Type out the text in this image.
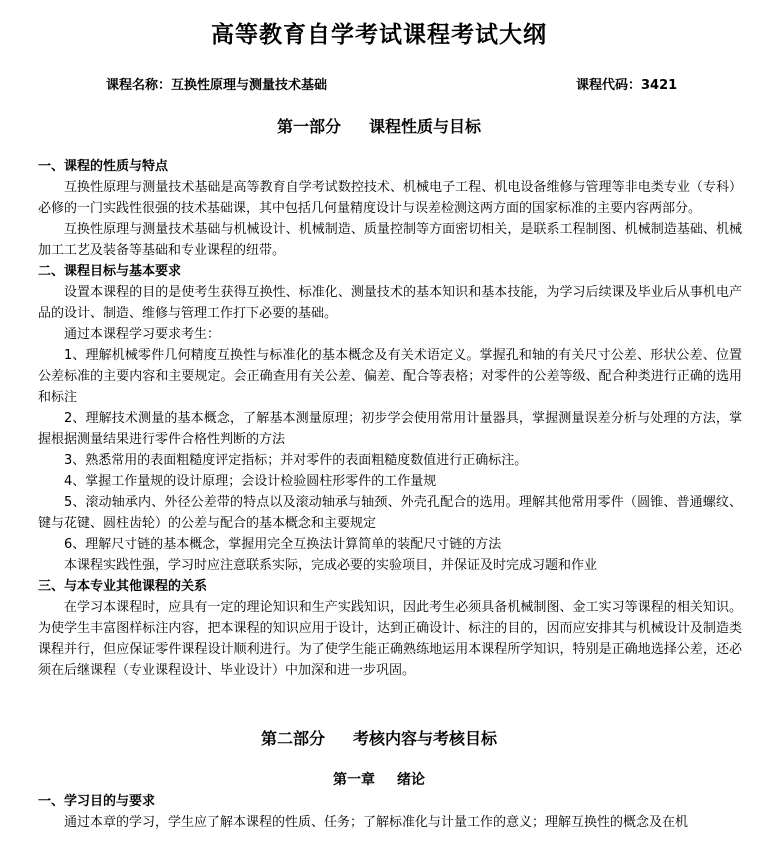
高等教育自学考试课程考试大纲
课程名称：互换性原理与测量技术基础	课程代码：3421
第一部分 课程性质与目标

一、课程的性质与特点

互换性原理与测量技术基础是高等教育自学考试数控技术、机械电子工程、机电设备维修与管理等非电类专业（专科）必修的一门实践性很强的技术基础课，其中包括几何量精度设计与误差检测这两方面的国家标准的主要内容两部分。

互换性原理与测量技术基础与机械设计、机械制造、质量控制等方面密切相关，是联系工程制图、机械制造基础、机械加工工艺及装备等基础和专业课程的纽带。

二、课程目标与基本要求

设置本课程的目的是使考生获得互换性、标准化、测量技术的基本知识和基本技能，为学习后续课及毕业后从事机电产品的设计、制造、维修与管理工作打下必要的基础。

通过本课程学习要求考生：

1、理解机械零件几何精度互换性与标准化的基本概念及有关术语定义。掌握孔和轴的有关尺寸公差、形状公差、位置公差标准的主要内容和主要规定。会正确查用有关公差、偏差、配合等表格；对零件的公差等级、配合种类进行正确的选用和标注

2、理解技术测量的基本概念，了解基本测量原理；初步学会使用常用计量器具，掌握测量误差分析与处理的方法，掌握根据测量结果进行零件合格性判断的方法

3、熟悉常用的表面粗糙度评定指标；并对零件的表面粗糙度数值进行正确标注。

4、掌握工作量规的设计原理；会设计检验圆柱形零件的工作量规

5、滚动轴承内、外径公差带的特点以及滚动轴承与轴颈、外壳孔配合的选用。理解其他常用零件（圆锥、普通螺纹、键与花键、圆柱齿轮）的公差与配合的基本概念和主要规定

6、理解尺寸链的基本概念，掌握用完全互换法计算简单的装配尺寸链的方法

本课程实践性强，学习时应注意联系实际，完成必要的实验项目，并保证及时完成习题和作业

三、与本专业其他课程的关系

在学习本课程时，应具有一定的理论知识和生产实践知识，因此考生必须具备机械制图、金工实习等课程的相关知识。为使学生丰富图样标注内容，把本课程的知识应用于设计，达到正确设计、标注的目的，因而应安排其与机械设计及制造类课程并行，但应保证零件课程设计顺利进行。为了使学生能正确熟练地运用本课程所学知识，特别是正确地选择公差，还必须在后继课程（专业课程设计、毕业设计）中加深和进一步巩固。

第二部分 考核内容与考核目标
第一章 绪论

一、学习目的与要求

通过本章的学习，学生应了解本课程的性质、任务；了解标准化与计量工作的意义；理解互换性的概念及在机
